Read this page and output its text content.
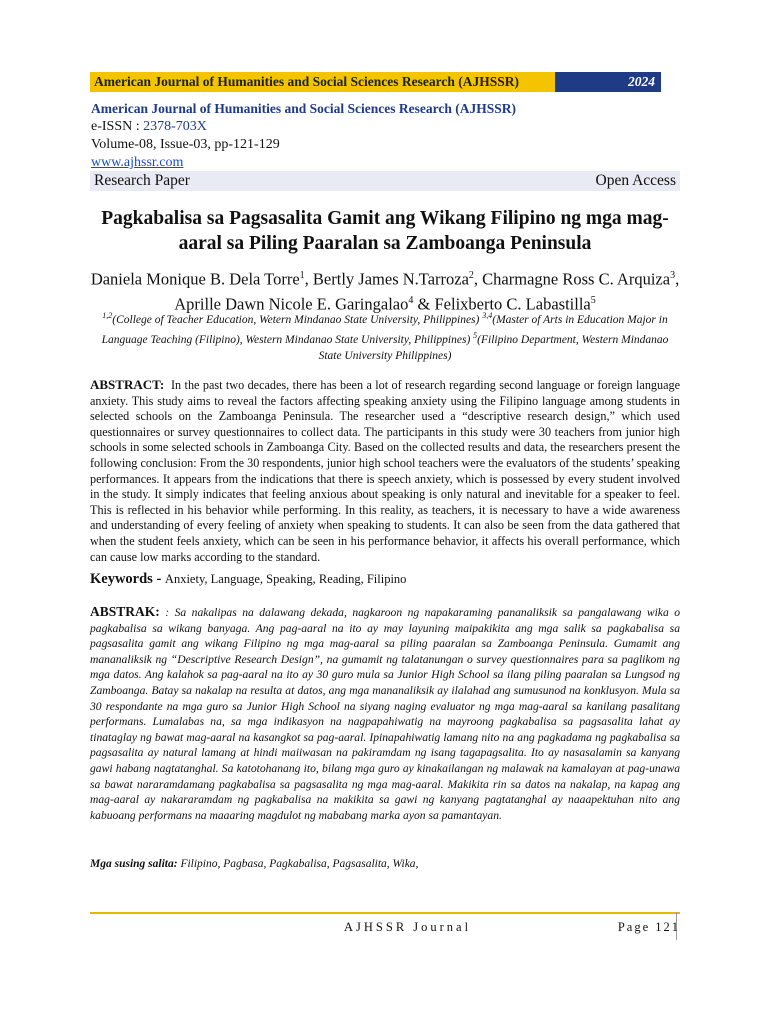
American Journal of Humanities and Social Sciences Research (AJHSSR)	2024
American Journal of Humanities and Social Sciences Research (AJHSSR)
e-ISSN : 2378-703X
Volume-08, Issue-03, pp-121-129
www.ajhssr.com
Research Paper	Open Access
Pagkabalisa sa Pagsasalita Gamit ang Wikang Filipino ng mga mag-aaral sa Piling Paaralan sa Zamboanga Peninsula
Daniela Monique B. Dela Torre$^1$, Bertly James N.Tarroza$^2$, Charmagne Ross C. Arquiza$^3$, Aprille Dawn Nicole E. Garingalao$^4$ & Felixberto C. Labastilla$^5$
$^{1,2}$(College of Teacher Education, Wetern Mindanao State University, Philippines) $^{3,4}$(Master of Arts in Education Major in Language Teaching (Filipino), Western Mindanao State University, Philippines) $^5$(Filipino Department, Western Mindanao State University Philippines)
ABSTRACT: In the past two decades, there has been a lot of research regarding second language or foreign language anxiety. This study aims to reveal the factors affecting speaking anxiety using the Filipino language among students in selected schools on the Zamboanga Peninsula. The researcher used a “descriptive research design,” which used questionnaires or survey questionnaires to collect data. The participants in this study were 30 teachers from junior high schools in some selected schools in Zamboanga City. Based on the collected results and data, the researchers present the following conclusion: From the 30 respondents, junior high school teachers were the evaluators of the students’ speaking performances. It appears from the indications that there is speech anxiety, which is possessed by every student involved in the study. It simply indicates that feeling anxious about speaking is only natural and inevitable for a speaker to feel. This is reflected in his behavior while performing. In this reality, as teachers, it is necessary to have a wide awareness and understanding of every feeling of anxiety when speaking to students. It can also be seen from the data gathered that when the student feels anxiety, which can be seen in his performance behavior, it affects his overall performance, which can cause low marks according to the standard.
Keywords - Anxiety, Language, Speaking, Reading, Filipino
ABSTRAK: : Sa nakalipas na dalawang dekada, nagkaroon ng napakaraming pananaliksik sa pangalawang wika o pagkabalisa sa wikang banyaga. Ang pag-aaral na ito ay may layuning maipakikita ang mga salik sa pagkabalisa sa pagsasalita gamit ang wikang Filipino ng mga mag-aaral sa piling paaralan sa Zamboanga Peninsula. Gumamit ang mananaliksik ng “Descriptive Research Design”, na gumamit ng talatanungan o survey questionnaires para sa paglikom ng mga datos. Ang kalahok sa pag-aaral na ito ay 30 guro mula sa Junior High School sa ilang piling paaralan sa Lungsod ng Zamboanga. Batay sa nakalap na resulta at datos, ang mga mananaliksik ay ilalahad ang sumusunod na konklusyon. Mula sa 30 respondante na mga guro sa Junior High School na siyang naging evaluator ng mga mag-aaral sa kanilang pasalitang performans. Lumalabas na, sa mga indikasyon na nagpapahiwatig na mayroong pagkabalisa sa pagsasalita lahat ay tinataglay ng bawat mag-aaral na kasangkot sa pag-aaral. Ipinapahiwatig lamang nito na ang pagkadama ng pagkabalisa sa pagsasalita ay natural lamang at hindi maiiwasan na pakiramdam ng isang tagapagsalita. Ito ay nasasalamin sa kanyang gawi habang nagtatanghal. Sa katotohanang ito, bilang mga guro ay kinakailangan ng malawak na kamalayan at pag-unawa sa bawat nararamdamang pagkabalisa sa pagsasalita ng mga mag-aaral. Makikita rin sa datos na nakalap, na kapag ang mag-aaral ay nakararamdam ng pagkabalisa na makikita sa gawi ng kanyang pagtatanghal ay naaapektuhan nito ang kabuoang performans na maaaring magdulot ng mababang marka ayon sa pamantayan.
Mga susing salita: Filipino, Pagbasa, Pagkabalisa, Pagsasalita, Wika,
AJHSSR Journal	Page 121
